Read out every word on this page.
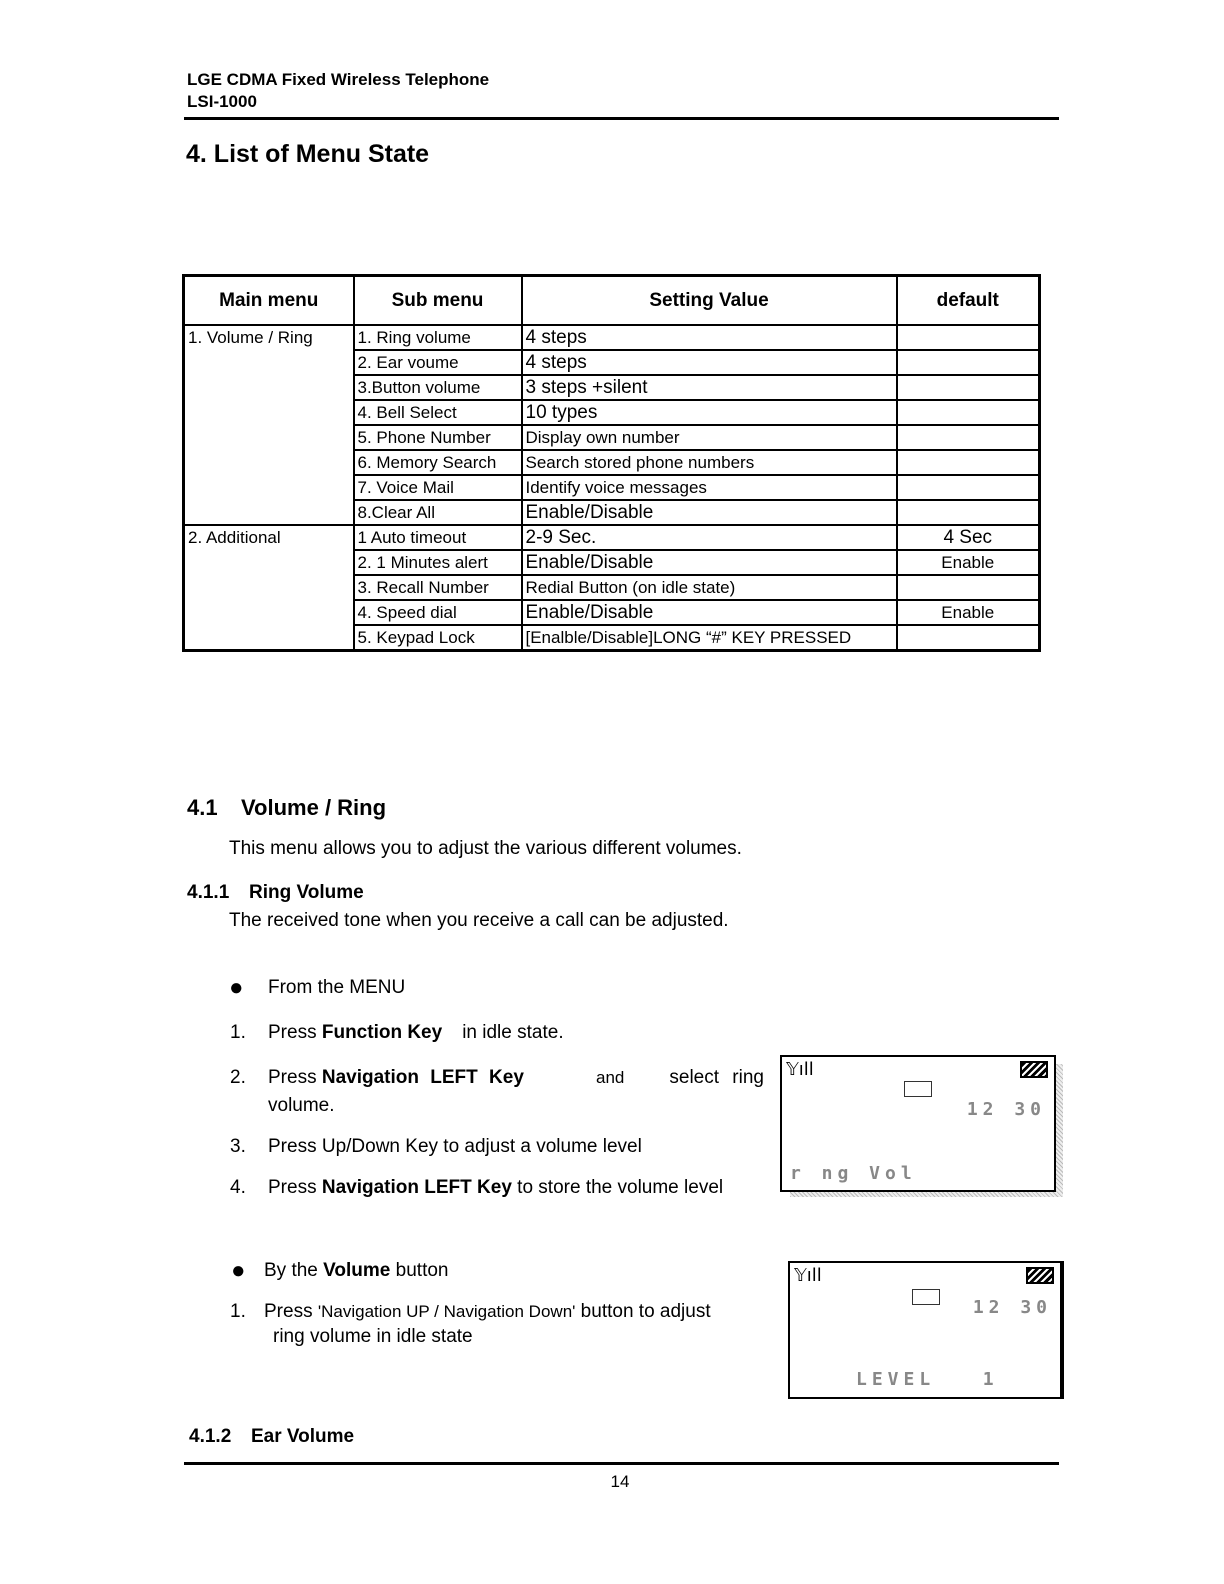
LGE CDMA Fixed Wireless Telephone
LSI-1000
4. List of Menu State
Main menu	Sub menu	Setting Value	default
1. Volume / Ring	1. Ring volume	4 steps	
	2. Ear voume	4 steps	
	3.Button volume	3 steps +silent	
	4. Bell Select	10 types	
	5. Phone Number	Display own number	
	6. Memory Search	Search stored phone numbers	
	7. Voice Mail	Identify voice messages	
	8.Clear All	Enable/Disable	
2. Additional	1 Auto timeout	2-9 Sec.	4 Sec
	2. 1 Minutes alert	Enable/Disable	Enable
	3. Recall Number	Redial Button (on idle state)	
	4. Speed dial	Enable/Disable	Enable
	5. Keypad Lock	[Enalble/Disable]LONG “#” KEY PRESSED	
4.1 Volume / Ring
This menu allows you to adjust the various different volumes.
4.1.1 Ring Volume
The received tone when you receive a call can be adjusted.
● From the MENU
1. Press Function Key in idle state.
2. Press Navigation LEFT Key	and select ring
volume.
3. Press Up/Down Key to adjust a volume level
4. Press Navigation LEFT Key to store the volume level
𝕐ıll
12 30
r ng Vol
● By the Volume button
1. Press 'Navigation UP / Navigation Down' button to adjust
ring volume in idle state
𝕐ıll
12 30
LEVEL   1
4.1.2 Ear Volume
14
